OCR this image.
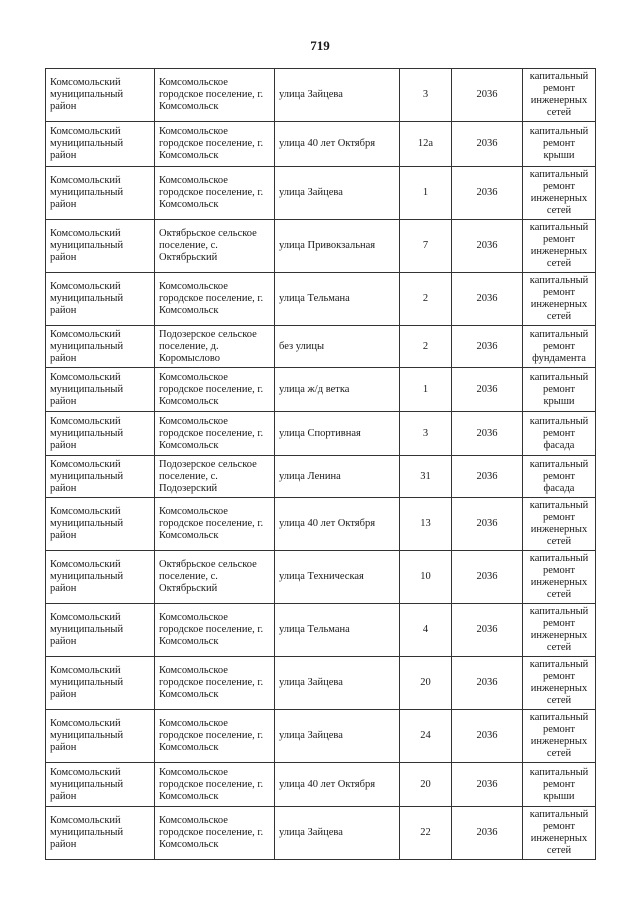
719
Комсомольский муниципальный район	Комсомольское городское поселение, г. Комсомольск	улица Зайцева	3	2036	капитальный ремонт инженерных сетей
Комсомольский муниципальный район	Комсомольское городское поселение, г. Комсомольск	улица 40 лет Октября	12а	2036	капитальный ремонт крыши
Комсомольский муниципальный район	Комсомольское городское поселение, г. Комсомольск	улица Зайцева	1	2036	капитальный ремонт инженерных сетей
Комсомольский муниципальный район	Октябрьское сельское поселение, с. Октябрьский	улица Привокзальная	7	2036	капитальный ремонт инженерных сетей
Комсомольский муниципальный район	Комсомольское городское поселение, г. Комсомольск	улица Тельмана	2	2036	капитальный ремонт инженерных сетей
Комсомольский муниципальный район	Подозерское сельское поселение, д. Коромыслово	без улицы	2	2036	капитальный ремонт фундамента
Комсомольский муниципальный район	Комсомольское городское поселение, г. Комсомольск	улица ж/д ветка	1	2036	капитальный ремонт крыши
Комсомольский муниципальный район	Комсомольское городское поселение, г. Комсомольск	улица Спортивная	3	2036	капитальный ремонт фасада
Комсомольский муниципальный район	Подозерское сельское поселение, с. Подозерский	улица Ленина	31	2036	капитальный ремонт фасада
Комсомольский муниципальный район	Комсомольское городское поселение, г. Комсомольск	улица 40 лет Октября	13	2036	капитальный ремонт инженерных сетей
Комсомольский муниципальный район	Октябрьское сельское поселение, с. Октябрьский	улица Техническая	10	2036	капитальный ремонт инженерных сетей
Комсомольский муниципальный район	Комсомольское городское поселение, г. Комсомольск	улица Тельмана	4	2036	капитальный ремонт инженерных сетей
Комсомольский муниципальный район	Комсомольское городское поселение, г. Комсомольск	улица Зайцева	20	2036	капитальный ремонт инженерных сетей
Комсомольский муниципальный район	Комсомольское городское поселение, г. Комсомольск	улица Зайцева	24	2036	капитальный ремонт инженерных сетей
Комсомольский муниципальный район	Комсомольское городское поселение, г. Комсомольск	улица 40 лет Октября	20	2036	капитальный ремонт крыши
Комсомольский муниципальный район	Комсомольское городское поселение, г. Комсомольск	улица Зайцева	22	2036	капитальный ремонт инженерных сетей
